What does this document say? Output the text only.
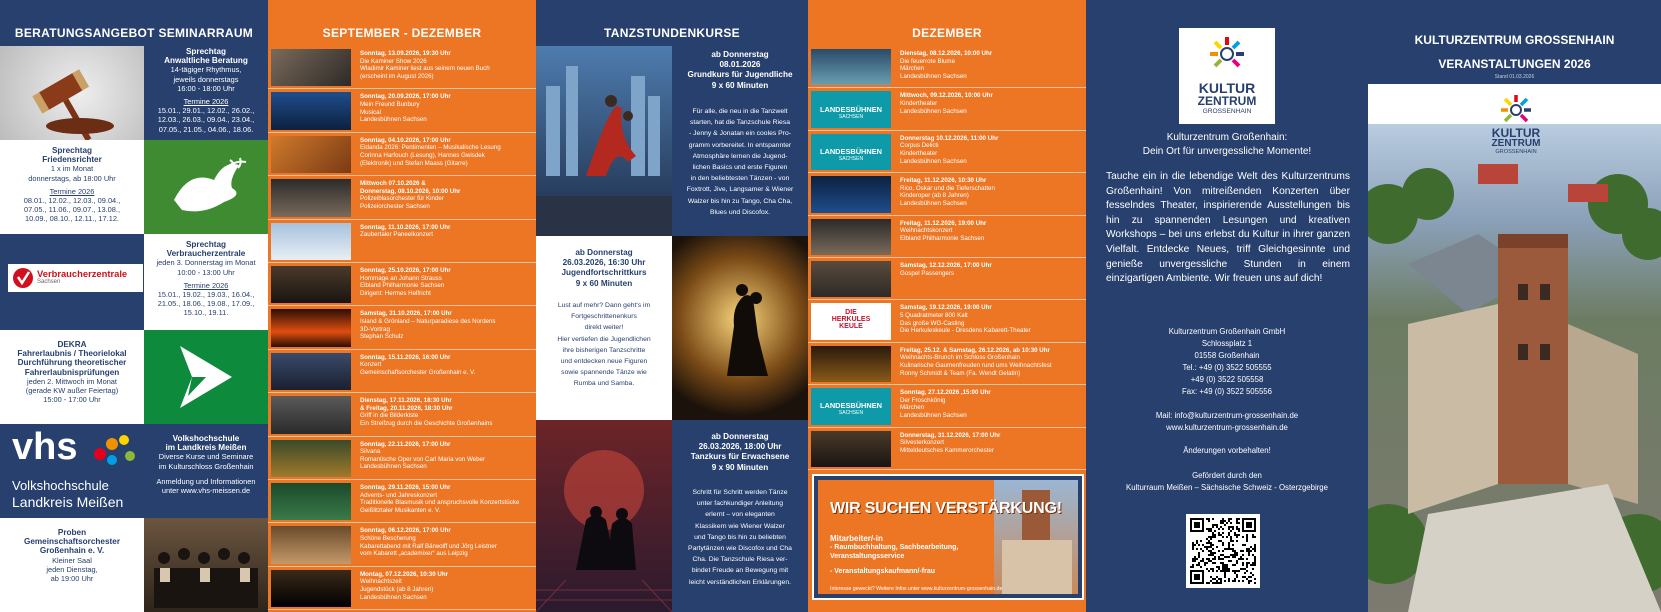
BERATUNGSANGEBOT SEMINARRAUM
Sprechtag
Anwaltliche Beratung
14-tägiger Rhythmus,
jeweils donnerstags
16:00 - 18:00 Uhr
Termine 2026
15.01., 29.01., 12.02., 26.02.,
12.03., 26.03., 09.04., 23.04.,
07.05., 21.05., 04.06., 18.06.
Sprechtag
Friedensrichter
1 x im Monat
donnerstags, ab 18:00 Uhr
Termine 2026
08.01., 12.02., 12.03., 09.04.,
07.05., 11.06., 09.07., 13.08.,
10.09., 08.10., 12.11., 17.12.
Verbraucherzentrale
Sachsen
Sprechtag
Verbraucherzentrale
jeden 3. Donnerstag im Monat
10:00 - 13:00 Uhr
Termine 2026
15.01., 19.02., 19.03., 16.04.,
21.05., 18.06., 19.08., 17.09.,
15.10., 19.11.
DEKRA
Fahrerlaubnis / Theorielokal
Durchführung theoretischer
Fahrerlaubnisprüfungen
jeden 2. Mittwoch im Monat
(gerade KW außer Feiertag)
15:00 - 17:00 Uhr
vhs
Volkshochschule
Landkreis Meißen
Volkshochschule
im Landkreis Meißen
Diverse Kurse und Seminare
im Kulturschloss Großenhain
Anmeldung und Informationen
unter www.vhs-meissen.de
Proben
Gemeinschaftsorchester
Großenhain e. V.
Kleiner Saal
jeden Dienstag,
ab 19:00 Uhr
SEPTEMBER - DEZEMBER
Sonntag, 13.09.2026, 19:30 Uhr
Die Kaminer Show 2026
Wladimir Kaminer liest aus seinem neuen Buch
(erscheint im August 2026)
Sonntag, 20.09.2026, 17:00 Uhr
Mein Freund Bunbury
Musical
Landesbühnen Sachsen
Sonntag, 04.10.2026, 17:00 Uhr
Eldanda 2026: Pentimenten – Musikalische Lesung
Corinna Harfouch (Lesung), Hannes Gwisdek
(Elektronik) und Stefan Maass (Gitarre)
Mittwoch 07.10.2026 &
Donnerstag, 08.10.2026, 10:00 Uhr
Polizeiblasorchester für Kinder
Polizeiorchester Sachsen
Sonntag, 11.10.2026, 17:00 Uhr
Zaubertaler Paneelkonzert
Sonntag, 25.10.2026, 17:00 Uhr
Hommage an Johann Strauss
Elbland Philharmonie Sachsen
Dirigent: Hermes Helfricht
Samstag, 31.10.2026, 17:00 Uhr
Island & Grönland – Naturparadiese des Nordens
3D-Vortrag
Stephan Schulz
Sonntag, 15.11.2026, 16:00 Uhr
Konzert
Gemeinschaftsorchester Großenhain e. V.
Dienstag, 17.11.2026, 18:30 Uhr
& Freitag, 20.11.2026, 18:30 Uhr
Griff in die Bilderkiste
Ein Streifzug durch die Geschichte Großenhains
Sonntag, 22.11.2026, 17:00 Uhr
Silvana
Romantische Oper von Carl Maria von Weber
Landesbühnen Sachsen
Sonntag, 29.11.2026, 15:00 Uhr
Advents- und Jahreskonzert
Traditionelle Blasmusik und anspruchsvolle Konzertstücke
Geißlitztaler Musikanten e. V.
Sonntag, 06.12.2026, 17:00 Uhr
Schöne Bescherung
Kabarettabend mit Ralf Bärwolff und Jörg Leistner
vom Kabarett „academixer“ aus Leipzig
Montag, 07.12.2026, 10:30 Uhr
Weihnachtszeit
Jugendstück (ab 8 Jahren)
Landesbühnen Sachsen
TANZSTUNDENKURSE
ab Donnerstag
08.01.2026
Grundkurs für Jugendliche
9 x 60 Minuten
Für alle, die neu in die Tanzwelt
starten, hat die Tanzschule Riesa
- Jenny & Jonatan ein cooles Pro-
gramm vorbereitet. In entspannter
Atmosphäre lernen die Jugend-
lichen Basics und erste Figuren
in den beliebtesten Tänzen - von
Foxtrott, Jive, Langsamer & Wiener
Walzer bis hin zu Tango, Cha Cha,
Blues und Discofox.
ab Donnerstag
26.03.2026, 16:30 Uhr
Jugendfortschrittkurs
9 x 60 Minuten
Lust auf mehr? Dann geht's im
Fortgeschrittenenkurs
direkt weiter!
Hier vertiefen die Jugendlichen
ihre bisherigen Tanzschritte
und entdecken neue Figuren
sowie spannende Tänze wie
Rumba und Samba.
ab Donnerstag
26.03.2026, 18:00 Uhr
Tanzkurs für Erwachsene
9 x 90 Minuten
Schritt für Schritt werden Tänze
unter fachkundiger Anleitung
erlernt – von eleganten
Klassikern wie Wiener Walzer
und Tango bis hin zu beliebten
Partytänzen wie Discofox und Cha
Cha. Die Tanzschule Riesa ver-
bindet Freude an Bewegung mit
leicht verständlichen Erklärungen.
DEZEMBER
Dienstag, 08.12.2026, 10:00 Uhr
Die feuerrote Blume
Märchen
Landesbühnen Sachsen
LANDESBÜHNEN
SACHSEN
Mittwoch, 09.12.2026, 10:00 Uhr
Kindertheater
Landesbühnen Sachsen
LANDESBÜHNEN
SACHSEN
Donnerstag 10.12.2026, 11:00 Uhr
Corpus Delicti
Kindertheater
Landesbühnen Sachsen
Freitag, 11.12.2026, 10:30 Uhr
Rico, Oskar und die Tieferschatten
Kinderoper (ab 8 Jahren)
Landesbühnen Sachsen
Freitag, 11.12.2026, 19:00 Uhr
Weihnachtskonzert
Elbland Philharmonie Sachsen
Samstag, 12.12.2026, 17:00 Uhr
Gospel Passengers
DIE
HERKULES
KEULE
Samstag, 19.12.2026, 19:00 Uhr
5 Quadratmeter 800 Kalt
Das große WG-Casting
Die Herkuleskeule - Dresdens Kabarett-Theater
Freitag, 25.12. & Samstag, 26.12.2026, ab 10:30 Uhr
Weihnachts-Brunch im Schloss Großenhain
Kulinarische Gaumenfreuden rund ums Weihnachtsfest
Ronny Schmidt & Team (Fa. Wendt Gelatin)
LANDESBÜHNEN
SACHSEN
Sonntag, 27.12.2026 ,15:00 Uhr
Der Froschkönig
Märchen
Landesbühnen Sachsen
Donnerstag, 31.12.2026, 17:00 Uhr
Silvesterkonzert
Mitteldeutsches Kammerorchester
WIR SUCHEN VERSTÄRKUNG!
Mitarbeiter/-in
- Raumbuchhaltung, Sachbearbeitung,
Veranstaltungsservice
- Veranstaltungskaufmann/-frau
Interesse geweckt? Weitere Infos unter www.kulturzentrum-grossenhain.de
KULTUR
ZENTRUM
GROSSENHAIN
Kulturzentrum Großenhain:
Dein Ort für unvergessliche Momente!
Tauche ein in die lebendige Welt des Kulturzentrums Großenhain! Von mitreißenden Konzerten über fesselndes Theater, inspirierende Ausstellungen bis hin zu spannenden Lesungen und kreativen Workshops – bei uns erlebst du Kultur in ihrer ganzen Vielfalt. Entdecke Neues, triff Gleichgesinnte und genieße unvergessliche Stunden in einem einzigartigen Ambiente. Wir freuen uns auf dich!
Kulturzentrum Großenhain GmbH
Schlossplatz 1
01558 Großenhain
Tel.: +49 (0) 3522 505555
+49 (0) 3522 505558
Fax: +49 (0) 3522 505556
Mail: info@kulturzentrum-grossenhain.de
www.kulturzentrum-grossenhain.de
Änderungen vorbehalten!
Gefördert durch den
Kulturraum Meißen – Sächsische Schweiz - Osterzgebirge
KULTURZENTRUM GROSSENHAIN
VERANSTALTUNGEN 2026
Stand 01.03.2026
KULTUR
ZENTRUM
GROSSENHAIN
